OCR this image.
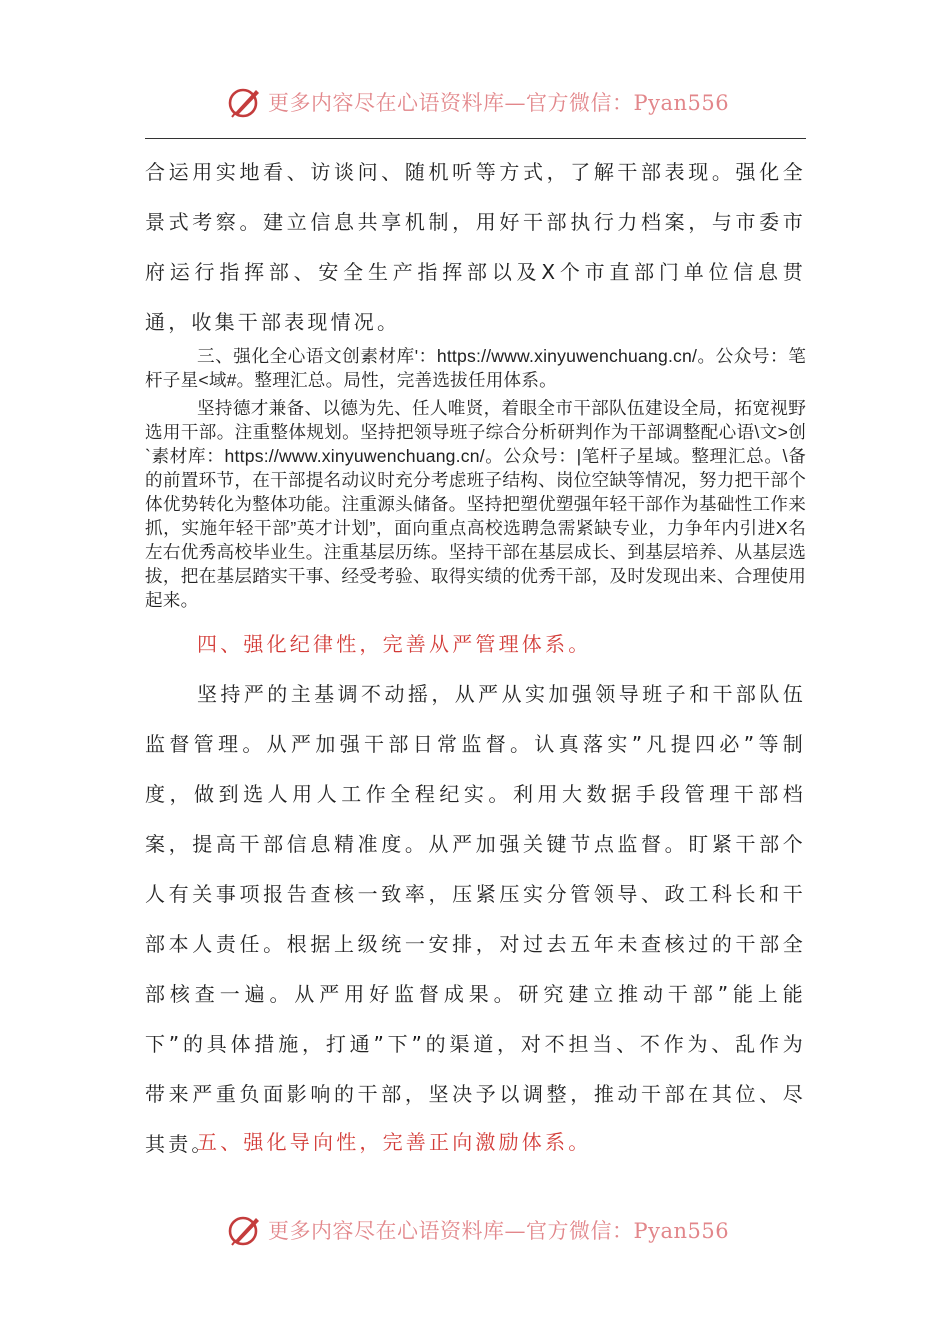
更多内容尽在心语资料库—官方微信：Pyan556

合运用实地看、访谈问、随机听等方式，了解干部表现。强化全景式考察。建立信息共享机制，用好干部执行力档案，与市委市府运行指挥部、安全生产指挥部以及X个市直部门单位信息贯通，收集干部表现情况。

三、强化全心语文创素材库'：https://www.xinyuwenchuang.cn/。公众号：笔杆子星<域#。整理汇总。局性，完善选拔任用体系。

坚持德才兼备、以德为先、任人唯贤，着眼全市干部队伍建设全局，拓宽视野选用干部。注重整体规划。坚持把领导班子综合分析研判作为干部调整配心语\文>创`素材库：https://www.xinyuwenchuang.cn/。公众号：|笔杆子星域。整理汇总。\备的前置环节，在干部提名动议时充分考虑班子结构、岗位空缺等情况，努力把干部个体优势转化为整体功能。注重源头储备。坚持把塑优塑强年轻干部作为基础性工作来抓，实施年轻干部”英才计划”，面向重点高校选聘急需紧缺专业，力争年内引进X名左右优秀高校毕业生。注重基层历练。坚持干部在基层成长、到基层培养、从基层选拔，把在基层踏实干事、经受考验、取得实绩的优秀干部，及时发现出来、合理使用起来。

四、强化纪律性，完善从严管理体系。

坚持严的主基调不动摇，从严从实加强领导班子和干部队伍监督管理。从严加强干部日常监督。认真落实”凡提四必”等制度，做到选人用人工作全程纪实。利用大数据手段管理干部档案，提高干部信息精准度。从严加强关键节点监督。盯紧干部个人有关事项报告查核一致率，压紧压实分管领导、政工科长和干部本人责任。根据上级统一安排，对过去五年未查核过的干部全部核查一遍。从严用好监督成果。研究建立推动干部”能上能下”的具体措施，打通”下”的渠道，对不担当、不作为、乱作为带来严重负面影响的干部，坚决予以调整，推动干部在其位、尽其责。

五、强化导向性，完善正向激励体系。

更多内容尽在心语资料库—官方微信：Pyan556
